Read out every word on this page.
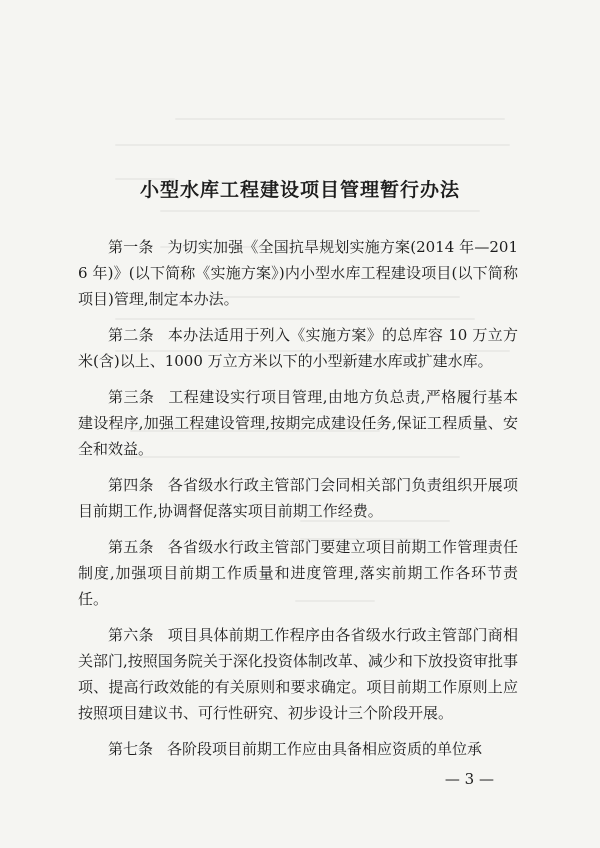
小型水库工程建设项目管理暂行办法

第一条 为切实加强《全国抗旱规划实施方案(2014 年—2016 年)》(以下简称《实施方案》)内小型水库工程建设项目(以下简称项目)管理,制定本办法。

第二条 本办法适用于列入《实施方案》的总库容 10 万立方米(含)以上、1000 万立方米以下的小型新建水库或扩建水库。

第三条 工程建设实行项目管理,由地方负总责,严格履行基本建设程序,加强工程建设管理,按期完成建设任务,保证工程质量、安全和效益。

第四条 各省级水行政主管部门会同相关部门负责组织开展项目前期工作,协调督促落实项目前期工作经费。

第五条 各省级水行政主管部门要建立项目前期工作管理责任制度,加强项目前期工作质量和进度管理,落实前期工作各环节责任。

第六条 项目具体前期工作程序由各省级水行政主管部门商相关部门,按照国务院关于深化投资体制改革、减少和下放投资审批事项、提高行政效能的有关原则和要求确定。项目前期工作原则上应按照项目建议书、可行性研究、初步设计三个阶段开展。

第七条 各阶段项目前期工作应由具备相应资质的单位承

— 3 —
